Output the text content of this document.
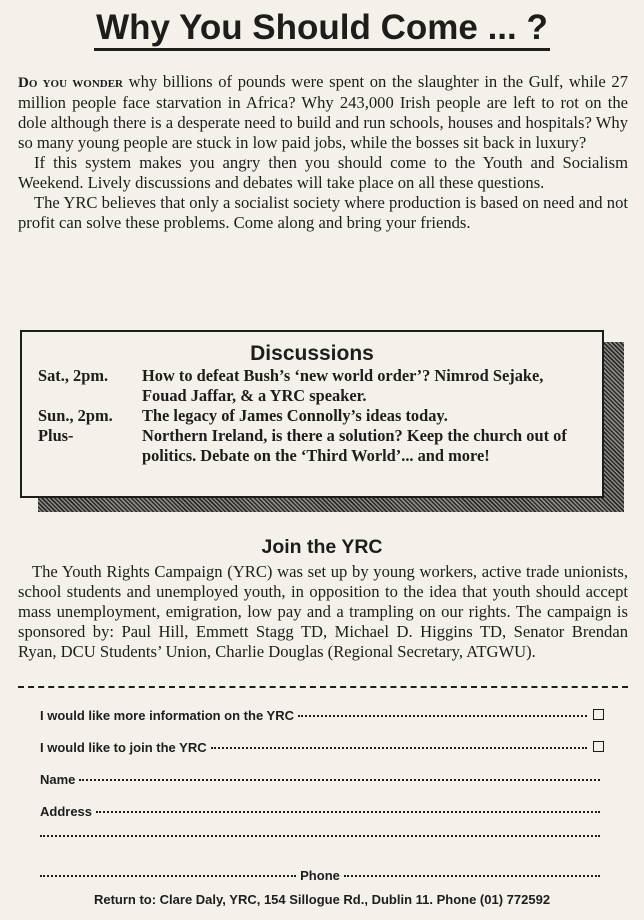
Why You Should Come ... ?

Do you wonder why billions of pounds were spent on the slaughter in the Gulf, while 27 million people face starvation in Africa? Why 243,000 Irish people are left to rot on the dole although there is a desperate need to build and run schools, houses and hospitals? Why so many young people are stuck in low paid jobs, while the bosses sit back in luxury?

If this system makes you angry then you should come to the Youth and Socialism Weekend. Lively discussions and debates will take place on all these questions.

The YRC believes that only a socialist society where production is based on need and not profit can solve these problems. Come along and bring your friends.

Discussions
Sat., 2pm.	How to defeat Bush’s ‘new world order’? Nimrod Sejake, Fouad Jaffar, & a YRC speaker.
Sun., 2pm.	The legacy of James Connolly’s ideas today.
Plus-	Northern Ireland, is there a solution? Keep the church out of politics. Debate on the ‘Third World’... and more!
Join the YRC
The Youth Rights Campaign (YRC) was set up by young workers, active trade unionists, school students and unemployed youth, in opposition to the idea that youth should accept mass unemployment, emigration, low pay and a trampling on our rights. The campaign is sponsored by: Paul Hill, Emmett Stagg TD, Michael D. Higgins TD, Senator Brendan Ryan, DCU Students’ Union, Charlie Douglas (Regional Secretary, ATGWU).
I would like more information on the YRC
I would like to join the YRC
Name
Address
Phone
Return to: Clare Daly, YRC, 154 Sillogue Rd., Dublin 11. Phone (01) 772592
